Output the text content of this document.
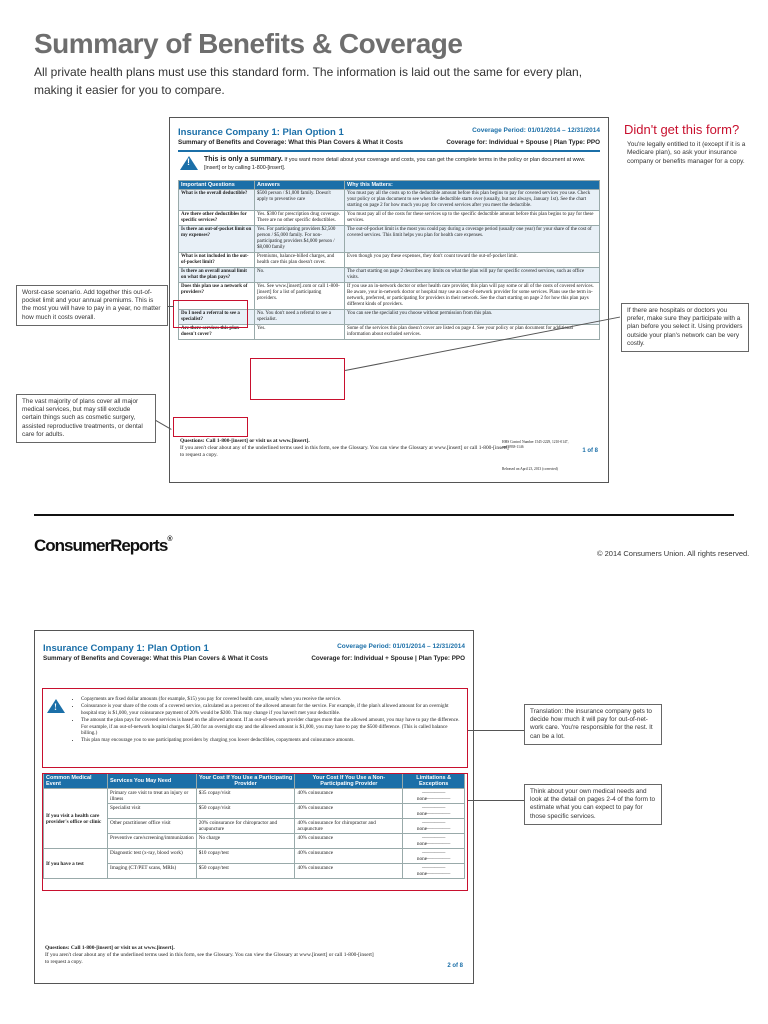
Summary of Benefits & Coverage
All private health plans must use this standard form. The information is laid out the same for every plan,
making it easier for you to compare.
Insurance Company 1: Plan Option 1	Coverage Period: 01/01/2014 – 12/31/2014
Summary of Benefits and Coverage: What this Plan Covers & What it Costs	Coverage for: Individual + Spouse | Plan Type: PPO
! This is only a summary. If you want more detail about your coverage and costs, you can get the complete terms in the policy or plan document at www.[insert] or by calling 1-800-[insert].
Important Questions	Answers	Why this Matters:
What is the overall deductible?	$500 person / $1,000 family. Doesn't apply to preventive care	You must pay all the costs up to the deductible amount before this plan begins to pay for covered services you use. Check your policy or plan document to see when the deductible starts over (usually, but not always, January 1st). See the chart starting on page 2 for how much you pay for covered services after you meet the deductible.
Are there other deductibles for specific services?	Yes. $300 for prescription drug coverage. There are no other specific deductibles.	You must pay all of the costs for these services up to the specific deductible amount before this plan begins to pay for these services.
Is there an out-of-pocket limit on my expenses?	Yes. For participating providers $2,500 person / $5,000 family. For non-participating providers $4,000 person / $8,000 family	The out-of-pocket limit is the most you could pay during a coverage period (usually one year) for your share of the cost of covered services. This limit helps you plan for health care expenses.
What is not included in the out-of-pocket limit?	Premiums, balance-billed charges, and health care this plan doesn't cover.	Even though you pay these expenses, they don't count toward the out-of-pocket limit.
Is there an overall annual limit on what the plan pays?	No.	The chart starting on page 2 describes any limits on what the plan will pay for specific covered services, such as office visits.
Does this plan use a network of providers?	Yes. See www.[insert].com or call 1-800-[insert] for a list of participating providers.	If you use an in-network doctor or other health care provider, this plan will pay some or all of the costs of covered services. Be aware, your in-network doctor or hospital may use an out-of-network provider for some services. Plans use the term in-network, preferred, or participating for providers in their network. See the chart starting on page 2 for how this plan pays different kinds of providers.
Do I need a referral to see a specialist?	No. You don't need a referral to see a specialist.	You can see the specialist you choose without permission from this plan.
Are there services this plan doesn't cover?	Yes.	Some of the services this plan doesn't cover are listed on page 4. See your policy or plan document for additional information about excluded services.
Questions: Call 1-800-[insert] or visit us at www.[insert].
If you aren't clear about any of the underlined terms used in this form, see the Glossary. You can view the Glossary at www.[insert] or call 1-800-[insert] to request a copy.
HHS Control Number 1545-2229, 1210-0147, and 0938-1146
1 of 8
Released on April 23, 2013 (corrected)
Didn't get this form?
You're legally entitled to it (except if it is a Medicare plan), so ask your insurance company or benefits manager for a copy.
Worst-case scenario. Add together this out-of-pocket limit and your annual premiums. This is the most you will have to pay in a year, no matter how much it costs overall.
If there are hospitals or doctors you prefer, make sure they participate with a plan before you select it. Using providers outside your plan's network can be very costly.
The vast majority of plans cover all major medical services, but may still exclude certain things such as cosmetic surgery, assisted reproductive treatments, or dental care for adults.
ConsumerReports®
© 2014 Consumers Union. All rights reserved.
Insurance Company 1: Plan Option 1	Coverage Period: 01/01/2014 – 12/31/2014
Summary of Benefits and Coverage: What this Plan Covers & What it Costs	Coverage for: Individual + Spouse | Plan Type: PPO
!
• Copayments are fixed dollar amounts (for example, $15) you pay for covered health care, usually when you receive the service.
• Coinsurance is your share of the costs of a covered service, calculated as a percent of the allowed amount for the service. For example, if the plan's allowed amount for an overnight hospital stay is $1,000, your coinsurance payment of 20% would be $200. This may change if you haven't met your deductible.
• The amount the plan pays for covered services is based on the allowed amount. If an out-of-network provider charges more than the allowed amount, you may have to pay the difference. For example, if an out-of-network hospital charges $1,500 for an overnight stay and the allowed amount is $1,000, you may have to pay the $500 difference. (This is called balance billing.)
• This plan may encourage you to use participating providers by charging you lower deductibles, copayments and coinsurance amounts.
Common Medical Event	Services You May Need	Your Cost If You Use a Participating Provider	Your Cost If You Use a Non-Participating Provider	Limitations & Exceptions
If you visit a health care provider's office or clinic	Primary care visit to treat an injury or illness	$35 copay/visit	40% coinsurance	–––––––––none–––––––––
	Specialist visit	$50 copay/visit	40% coinsurance	–––––––––none–––––––––
	Other practitioner office visit	20% coinsurance for chiropractor and acupuncture	40% coinsurance for chiropractor and acupuncture	–––––––––none–––––––––
	Preventive care/screening/immunization	No charge	40% coinsurance	–––––––––none–––––––––
If you have a test	Diagnostic test (x-ray, blood work)	$10 copay/test	40% coinsurance	–––––––––none–––––––––
	Imaging (CT/PET scans, MRIs)	$50 copay/test	40% coinsurance	–––––––––none–––––––––
Questions: Call 1-800-[insert] or visit us at www.[insert].
If you aren't clear about any of the underlined terms used in this form, see the Glossary. You can view the Glossary at www.[insert] or call 1-800-[insert] to request a copy.
2 of 8
Translation: the insurance company gets to decide how much it will pay for out-of-net-work care. You're responsible for the rest. It can be a lot.
Think about your own medical needs and look at the detail on pages 2-4 of the form to estimate what you can expect to pay for those specific services.
